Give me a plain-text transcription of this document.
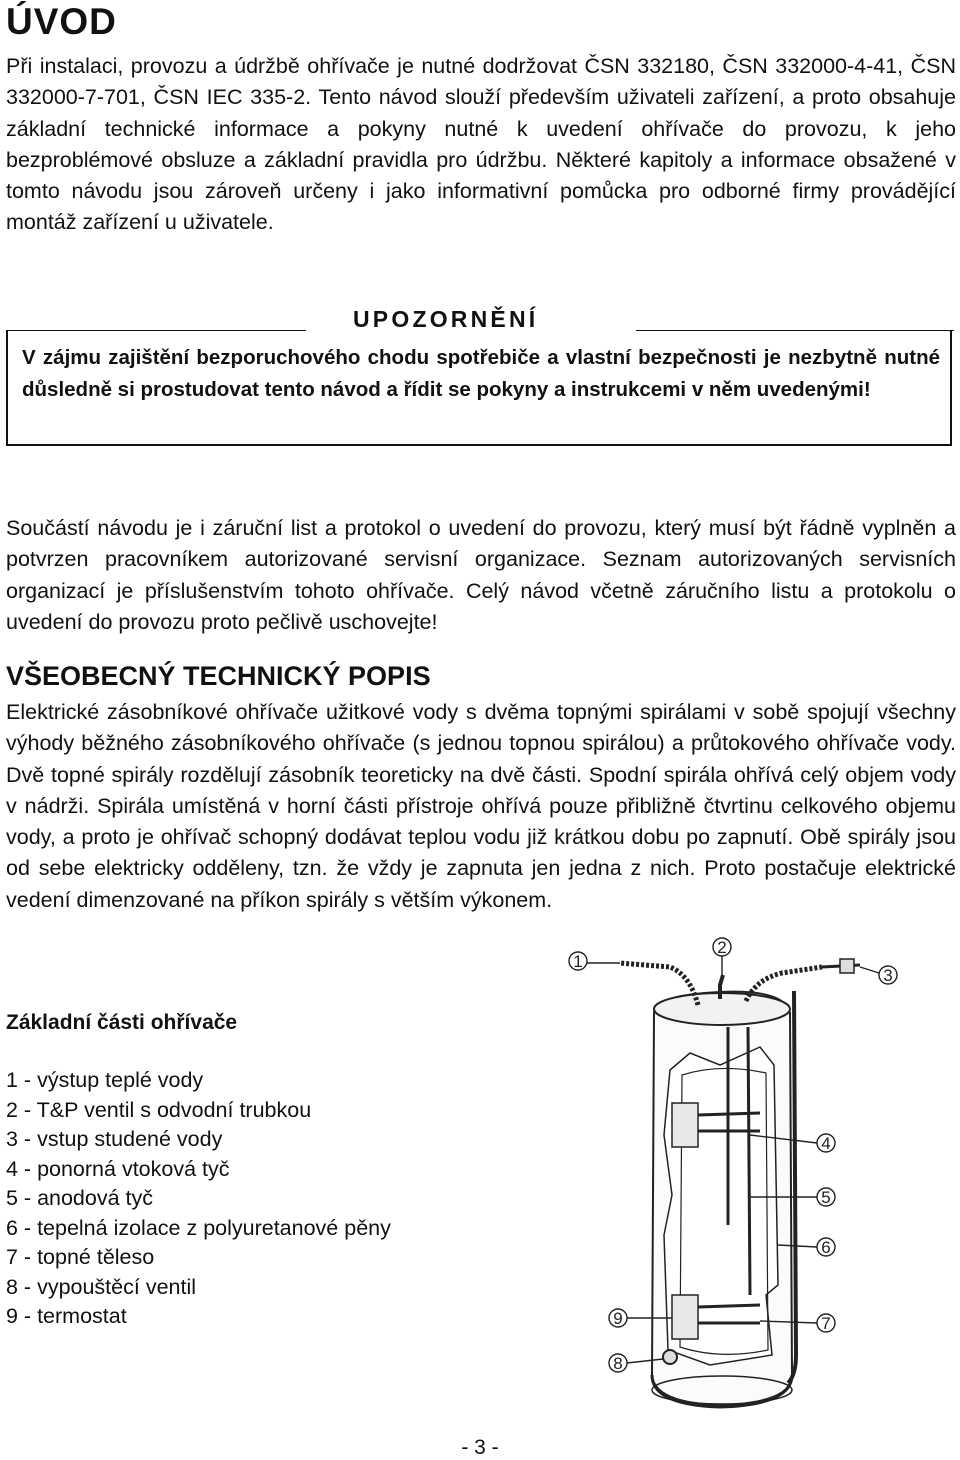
ÚVOD

Při instalaci, provozu a údržbě ohřívače je nutné dodržovat ČSN 332180, ČSN 332000-4-41, ČSN 332000-7-701, ČSN IEC 335-2. Tento návod slouží především uživateli zařízení, a proto obsahuje základní technické informace a pokyny nutné k uvedení ohřívače do provozu, k jeho bezproblémové obsluze a základní pravidla pro údržbu. Některé kapitoly a informace obsažené v tomto návodu jsou zároveň určeny i jako informativní pomůcka pro odborné firmy provádějící montáž zařízení u uživatele.

UPOZORNĚNÍ

V zájmu zajištění bezporuchového chodu spotřebiče a vlastní bezpečnosti je nezbytně nutné důsledně si prostudovat tento návod a řídit se pokyny a instrukcemi v něm uvedenými!

Součástí návodu je i záruční list a protokol o uvedení do provozu, který musí být řádně vyplněn a potvrzen pracovníkem autorizované servisní organizace. Seznam autorizovaných servisních organizací je příslušenstvím tohoto ohřívače. Celý návod včetně záručního listu a protokolu o uvedení do provozu proto pečlivě uschovejte!

VŠEOBECNÝ TECHNICKÝ POPIS

Elektrické zásobníkové ohřívače užitkové vody s dvěma topnými spirálami v sobě spojují všechny výhody běžného zásobníkového ohřívače (s jednou topnou spirálou) a průtokového ohřívače vody. Dvě topné spirály rozdělují zásobník teoreticky na dvě části. Spodní spirála ohřívá celý objem vody v nádrži. Spirála umístěná v horní části přístroje ohřívá pouze přibližně čtvrtinu celkového objemu vody, a proto je ohřívač schopný dodávat teplou vodu již krátkou dobu po zapnutí. Obě spirály jsou od sebe elektricky odděleny, tzn. že vždy je zapnuta jen jedna z nich. Proto postačuje elektrické vedení dimenzované na příkon spirály s větším výkonem.

Základní části ohřívače
1 - výstup teplé vody
2 - T&P ventil s odvodní trubkou
3 - vstup studené vody
4 - ponorná vtoková tyč
5 - anodová tyč
6 - tepelná izolace z polyuretanové pěny
7 - topné těleso
8 - vypouštěcí ventil
9 - termostat
1
2
3
4
5
6
7
8
9

- 3 -
